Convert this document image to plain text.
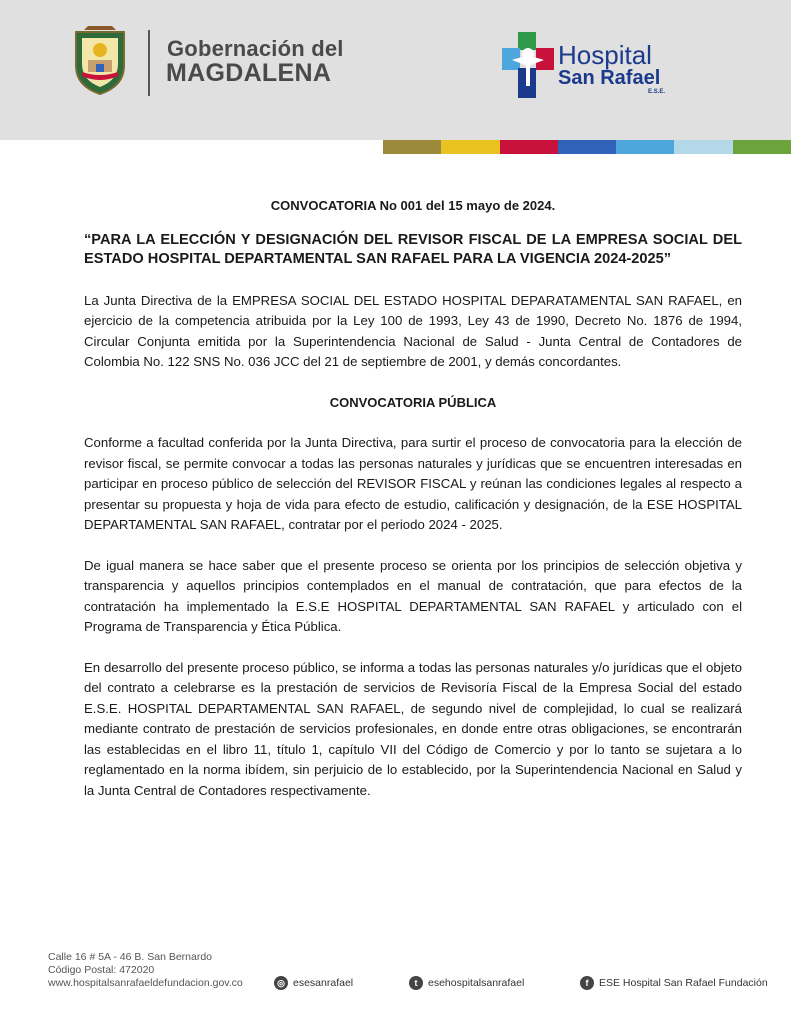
Gobernación del
MAGDALENA
Hospital
San Rafael
E.S.E.
CONVOCATORIA No 001 del 15 mayo de 2024.
“PARA LA ELECCIÓN Y DESIGNACIÓN DEL REVISOR FISCAL DE LA EMPRESA SOCIAL DEL ESTADO HOSPITAL DEPARTAMENTAL SAN RAFAEL PARA LA VIGENCIA 2024-2025”
La Junta Directiva de la EMPRESA SOCIAL DEL ESTADO HOSPITAL DEPARATAMENTAL SAN RAFAEL, en ejercicio de la competencia atribuida por la Ley 100 de 1993, Ley 43 de 1990, Decreto No. 1876 de 1994, Circular Conjunta emitida por la Superintendencia Nacional de Salud - Junta Central de Contadores de Colombia No. 122 SNS No. 036 JCC del 21 de septiembre de 2001, y demás concordantes.
CONVOCATORIA PÚBLICA
Conforme a facultad conferida por la Junta Directiva, para surtir el proceso de convocatoria para la elección de revisor fiscal, se permite convocar a todas las personas naturales y jurídicas que se encuentren interesadas en participar en proceso público de selección del REVISOR FISCAL y reúnan las condiciones legales al respecto a presentar su propuesta y hoja de vida para efecto de estudio, calificación y designación, de la ESE HOSPITAL DEPARTAMENTAL SAN RAFAEL, contratar por el periodo 2024 - 2025.
De igual manera se hace saber que el presente proceso se orienta por los principios de selección objetiva y transparencia y aquellos principios contemplados en el manual de contratación, que para efectos de la contratación ha implementado la E.S.E HOSPITAL DEPARTAMENTAL SAN RAFAEL y articulado con el Programa de Transparencia y Ética Pública.
En desarrollo del presente proceso público, se informa a todas las personas naturales y/o jurídicas que el objeto del contrato a celebrarse es la prestación de servicios de Revisoría Fiscal de la Empresa Social del estado E.S.E. HOSPITAL DEPARTAMENTAL SAN RAFAEL, de segundo nivel de complejidad, lo cual se realizará mediante contrato de prestación de servicios profesionales, en donde entre otras obligaciones, se encontrarán las establecidas en el libro 11, título 1, capítulo VII del Código de Comercio y por lo tanto se sujetara a lo reglamentado en la norma ibídem, sin perjuicio de lo establecido, por la Superintendencia Nacional en Salud y la Junta Central de Contadores respectivamente.
Calle 16 # 5A - 46 B. San Bernardo
Código Postal: 472020
www.hospitalsanrafaeldefundacion.gov.co	◎ esesanrafael	t	esehospitalsanrafael	f	ESE Hospital San Rafael Fundación
